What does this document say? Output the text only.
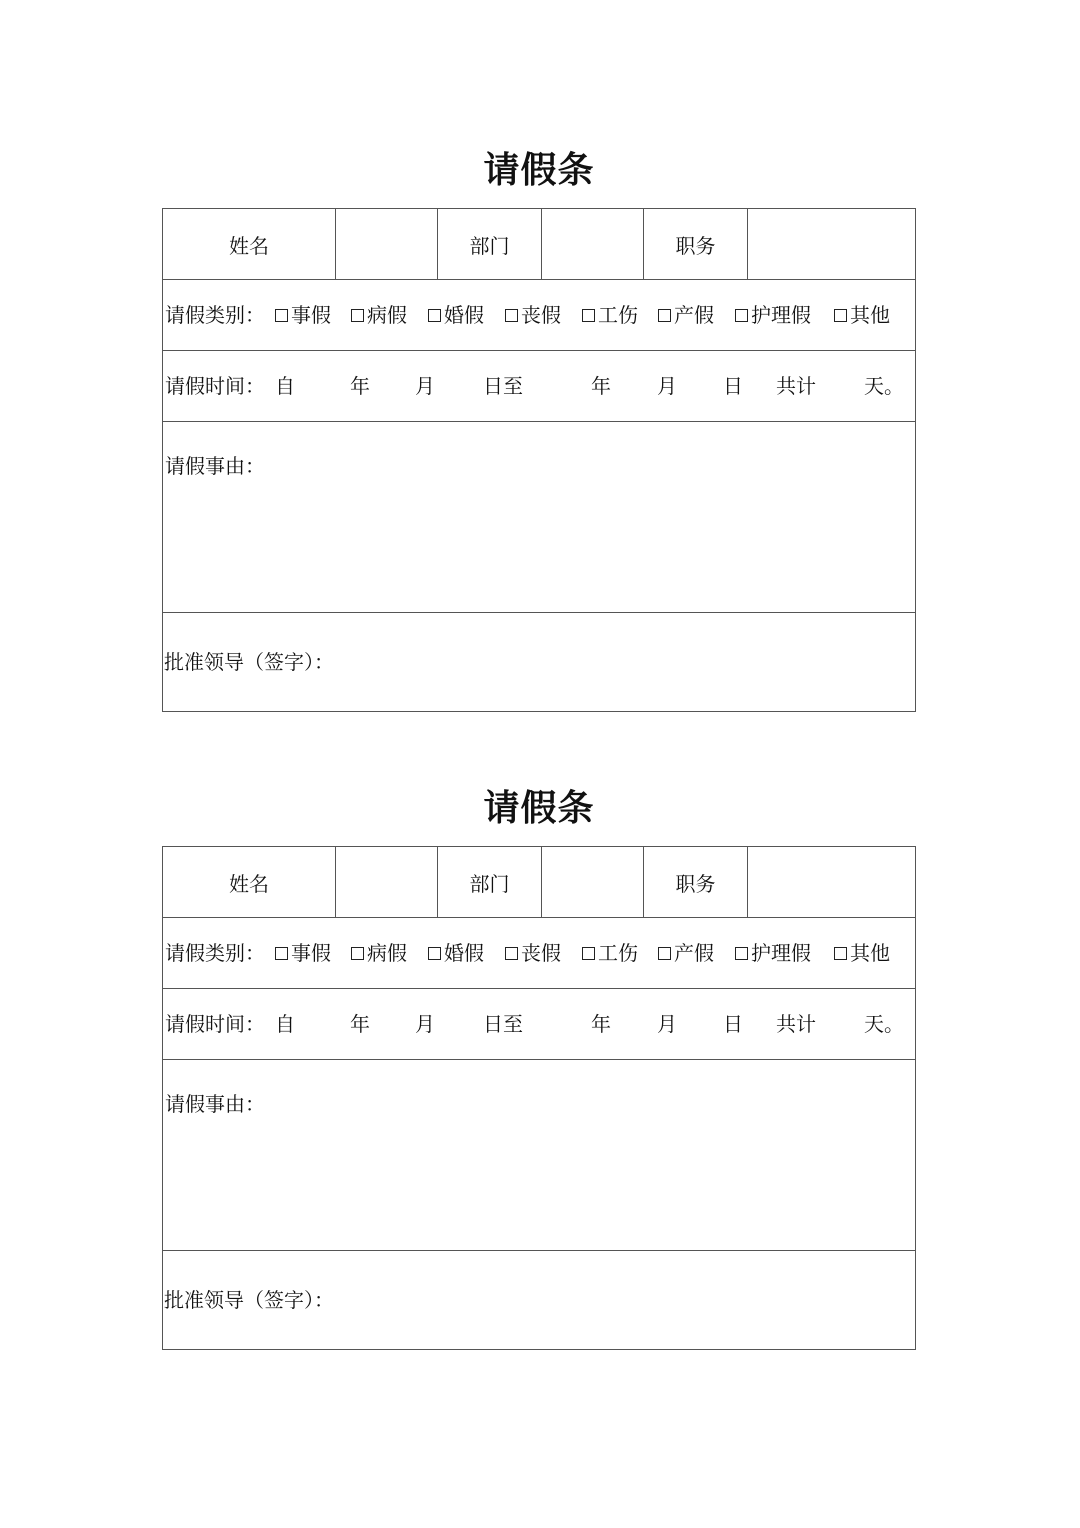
请假条
姓名	部门	职务
请假类别： 事假 病假 婚假 丧假 工伤 产假 护理假 其他
请假时间： 自	年 月 日至	年 月 日 共计 天。
请假事由：
批准领导（签字）：
请假条
姓名	部门	职务
请假类别： 事假 病假 婚假 丧假 工伤 产假 护理假 其他
请假时间： 自	年 月 日至	年 月 日 共计 天。
请假事由：
批准领导（签字）：
